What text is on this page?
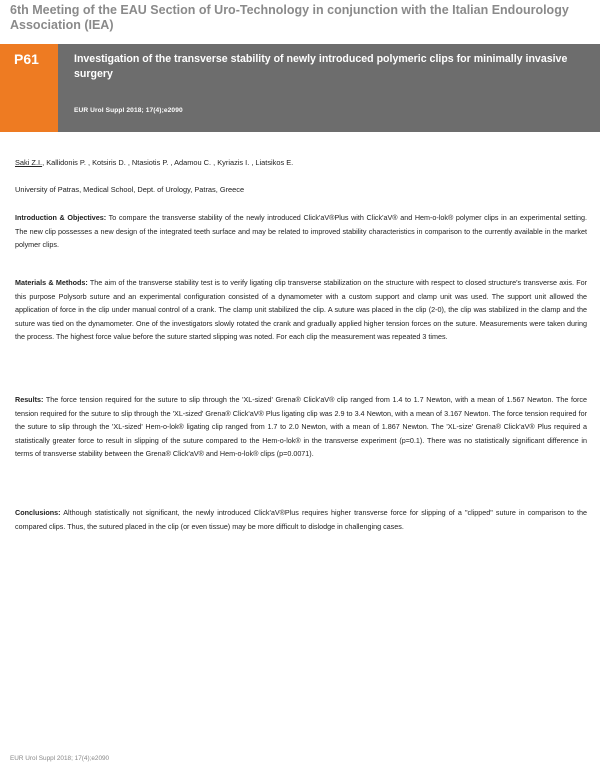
6th Meeting of the EAU Section of Uro-Technology in conjunction with the Italian Endourology Association (IEA)
P61	Investigation of the transverse stability of newly introduced polymeric clips for minimally invasive surgery
EUR Urol Suppl 2018; 17(4);e2090
Saki Z.I., Kallidonis P. , Kotsiris D. , Ntasiotis P. , Adamou C. , Kyriazis I. , Liatsikos E.
University of Patras, Medical School, Dept. of Urology, Patras, Greece
Introduction & Objectives: To compare the transverse stability of the newly introduced Click'aV®Plus with Click'aV® and Hem-o-lok® polymer clips in an experimental setting. The new clip possesses a new design of the integrated teeth surface and may be related to improved stability characteristics in comparison to the currently available in the market polymer clips.
Materials & Methods: The aim of the transverse stability test is to verify ligating clip transverse stabilization on the structure with respect to closed structure's transverse axis. For this purpose Polysorb suture and an experimental configuration consisted of a dynamometer with a custom support and clamp unit was used. The support unit allowed the application of force in the clip under manual control of a crank. The clamp unit stabilized the clip. A suture was placed in the clip (2-0), the clip was stabilized in the clamp and the suture was tied on the dynamometer. One of the investigators slowly rotated the crank and gradually applied higher tension forces on the suture. Measurements were taken during the process. The highest force value before the suture started slipping was noted. For each clip the measurement was repeated 3 times.
Results: The force tension required for the suture to slip through the 'XL-sized' Grena® Click'aV® clip ranged from 1.4 to 1.7 Newton, with a mean of 1.567 Newton. The force tension required for the suture to slip through the 'XL-sized' Grena® Click'aV® Plus ligating clip was 2.9 to 3.4 Newton, with a mean of 3.167 Newton. The force tension required for the suture to slip through the 'XL-sized' Hem-o-lok® ligating clip ranged from 1.7 to 2.0 Newton, with a mean of 1.867 Newton. The 'XL-size' Grena® Click'aV® Plus required a statistically greater force to result in slipping of the suture compared to the Hem-o-lok® in the transverse experiment (p=0.1). There was no statistically significant difference in terms of transverse stability between the Grena® Click'aV® and Hem-o-lok® clips (p=0.0071).
Conclusions: Although statistically not significant, the newly introduced Click'aV®Plus requires higher transverse force for slipping of a "clipped" suture in comparison to the compared clips. Thus, the sutured placed in the clip (or even tissue) may be more difficult to dislodge in challenging cases.
EUR Urol Suppl 2018; 17(4);e2090
